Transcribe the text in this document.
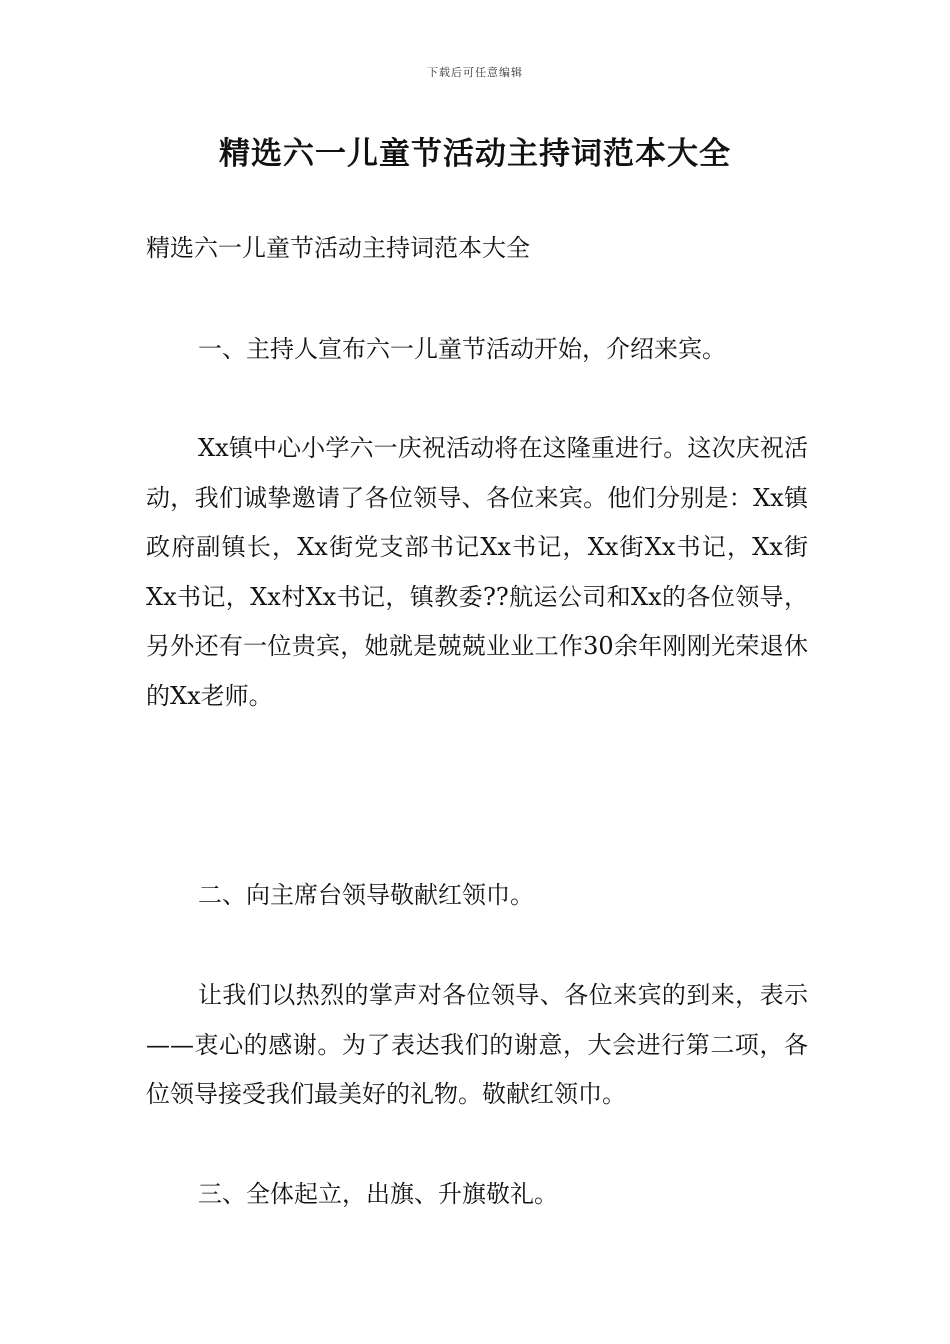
下载后可任意编辑
精选六一儿童节活动主持词范本大全

精选六一儿童节活动主持词范本大全

一、主持人宣布六一儿童节活动开始，介绍来宾。

Xx镇中心小学六一庆祝活动将在这隆重进行。这次庆祝活动，我们诚挚邀请了各位领导、各位来宾。他们分别是：Xx镇政府副镇长，Xx街党支部书记Xx书记，Xx街Xx书记，Xx街Xx书记，Xx村Xx书记，镇教委??航运公司和Xx的各位领导，另外还有一位贵宾，她就是兢兢业业工作30余年刚刚光荣退休的Xx老师。

二、向主席台领导敬献红领巾。

让我们以热烈的掌声对各位领导、各位来宾的到来，表示——衷心的感谢。为了表达我们的谢意，大会进行第二项，各位领导接受我们最美好的礼物。敬献红领巾。

三、全体起立，出旗、升旗敬礼。
